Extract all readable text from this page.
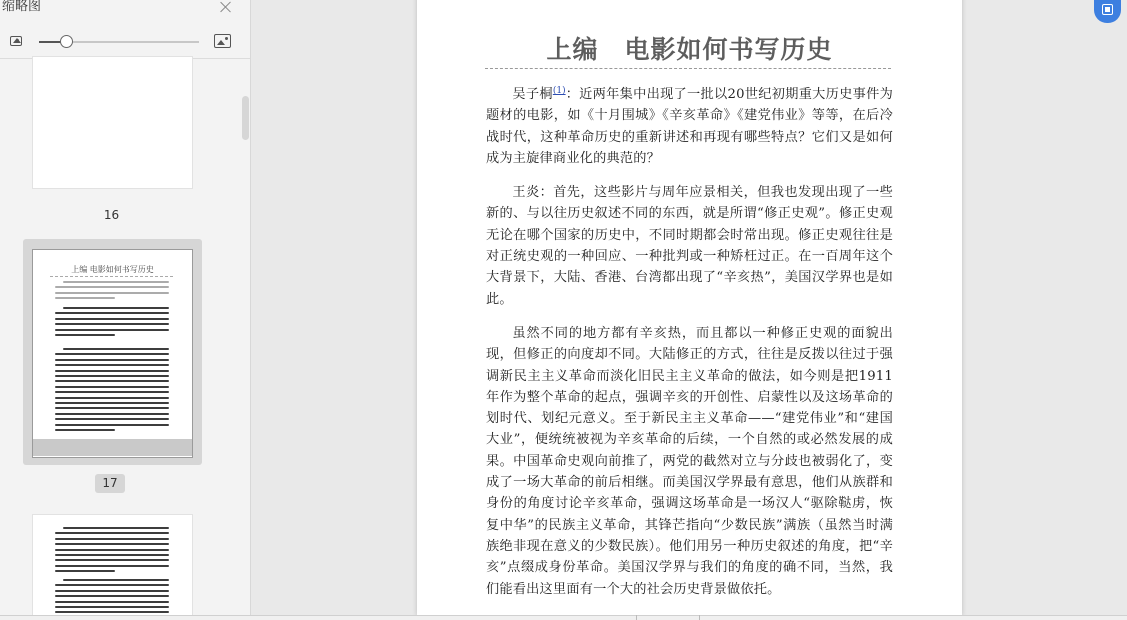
缩略图
16
上编 电影如何书写历史
17
上编　电影如何书写历史

吴子桐$^{(1)}$：近两年集中出现了一批以20世纪初期重大历史事件为题材的电影，如《十月围城》《辛亥革命》《建党伟业》等等，在后冷战时代，这种革命历史的重新讲述和再现有哪些特点？它们又是如何成为主旋律商业化的典范的？

王炎：首先，这些影片与周年应景相关，但我也发现出现了一些新的、与以往历史叙述不同的东西，就是所谓“修正史观”。修正史观无论在哪个国家的历史中，不同时期都会时常出现。修正史观往往是对正统史观的一种回应、一种批判或一种矫枉过正。在一百周年这个大背景下，大陆、香港、台湾都出现了“辛亥热”，美国汉学界也是如此。

虽然不同的地方都有辛亥热，而且都以一种修正史观的面貌出现，但修正的向度却不同。大陆修正的方式，往往是反拨以往过于强调新民主主义革命而淡化旧民主主义革命的做法，如今则是把1911年作为整个革命的起点，强调辛亥的开创性、启蒙性以及这场革命的划时代、划纪元意义。至于新民主主义革命——“建党伟业”和“建国大业”，便统统被视为辛亥革命的后续，一个自然的或必然发展的成果。中国革命史观向前推了，两党的截然对立与分歧也被弱化了，变成了一场大革命的前后相继。而美国汉学界最有意思，他们从族群和身份的角度讨论辛亥革命，强调这场革命是一场汉人“驱除鞑虏，恢复中华”的民族主义革命，其锋芒指向“少数民族”满族（虽然当时满族绝非现在意义的少数民族）。他们用另一种历史叙述的角度，把“辛亥”点缀成身份革命。美国汉学界与我们的角度的确不同，当然，我们能看出这里面有一个大的社会历史背景做依托。
